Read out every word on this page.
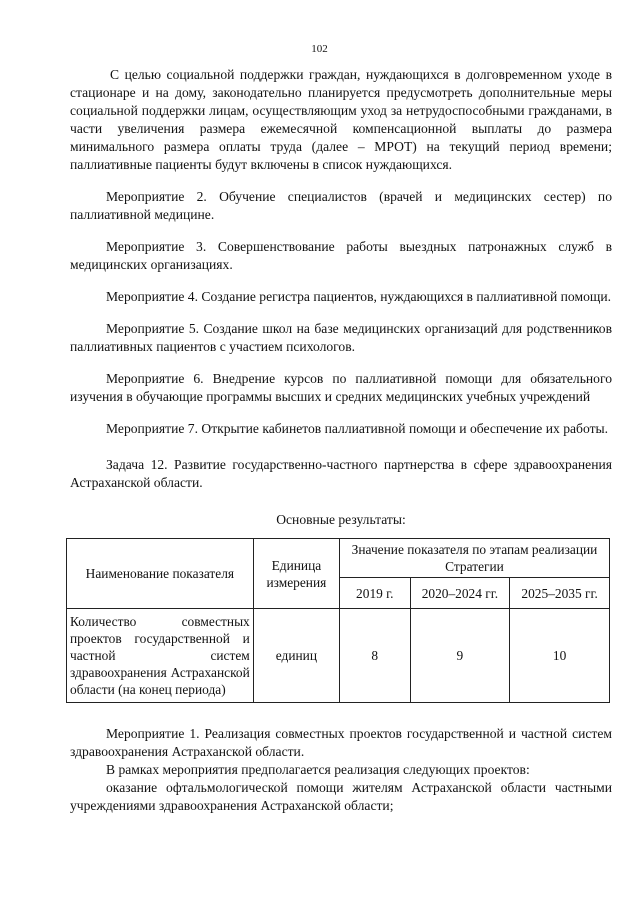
102

С целью социальной поддержки граждан, нуждающихся в долговременном уходе в стационаре и на дому, законодательно планируется предусмотреть дополнительные меры социальной поддержки лицам, осуществляющим уход за нетрудоспособными гражданами, в части увеличения размера ежемесячной компенсационной выплаты до размера минимального размера оплаты труда (далее – МРОТ) на текущий период времени; паллиативные пациенты будут включены в список нуждающихся.

Мероприятие 2. Обучение специалистов (врачей и медицинских сестер) по паллиативной медицине.

Мероприятие 3. Совершенствование работы выездных патронажных служб в медицинских организациях.

Мероприятие 4. Создание регистра пациентов, нуждающихся в паллиативной помощи.

Мероприятие 5. Создание школ на базе медицинских организаций для родственников паллиативных пациентов с участием психологов.

Мероприятие 6. Внедрение курсов по паллиативной помощи для обязательного изучения в обучающие программы высших и средних медицинских учебных учреждений

Мероприятие 7. Открытие кабинетов паллиативной помощи и обеспечение их работы.

Задача 12. Развитие государственно-частного партнерства в сфере здравоохранения Астраханской области.

Основные результаты:

Наименование показателя	Единица измерения	Значение показателя по этапам реализации Стратегии		
		2019 г.	2020–2024 гг.	2025–2035 гг.
Количество совместных проектов государственной и частной систем здравоохранения Астраханской области (на конец периода)	единиц	8	9	10

Мероприятие 1. Реализация совместных проектов государственной и частной систем здравоохранения Астраханской области.

В рамках мероприятия предполагается реализация следующих проектов:

оказание офтальмологической помощи жителям Астраханской области частными учреждениями здравоохранения Астраханской области;
